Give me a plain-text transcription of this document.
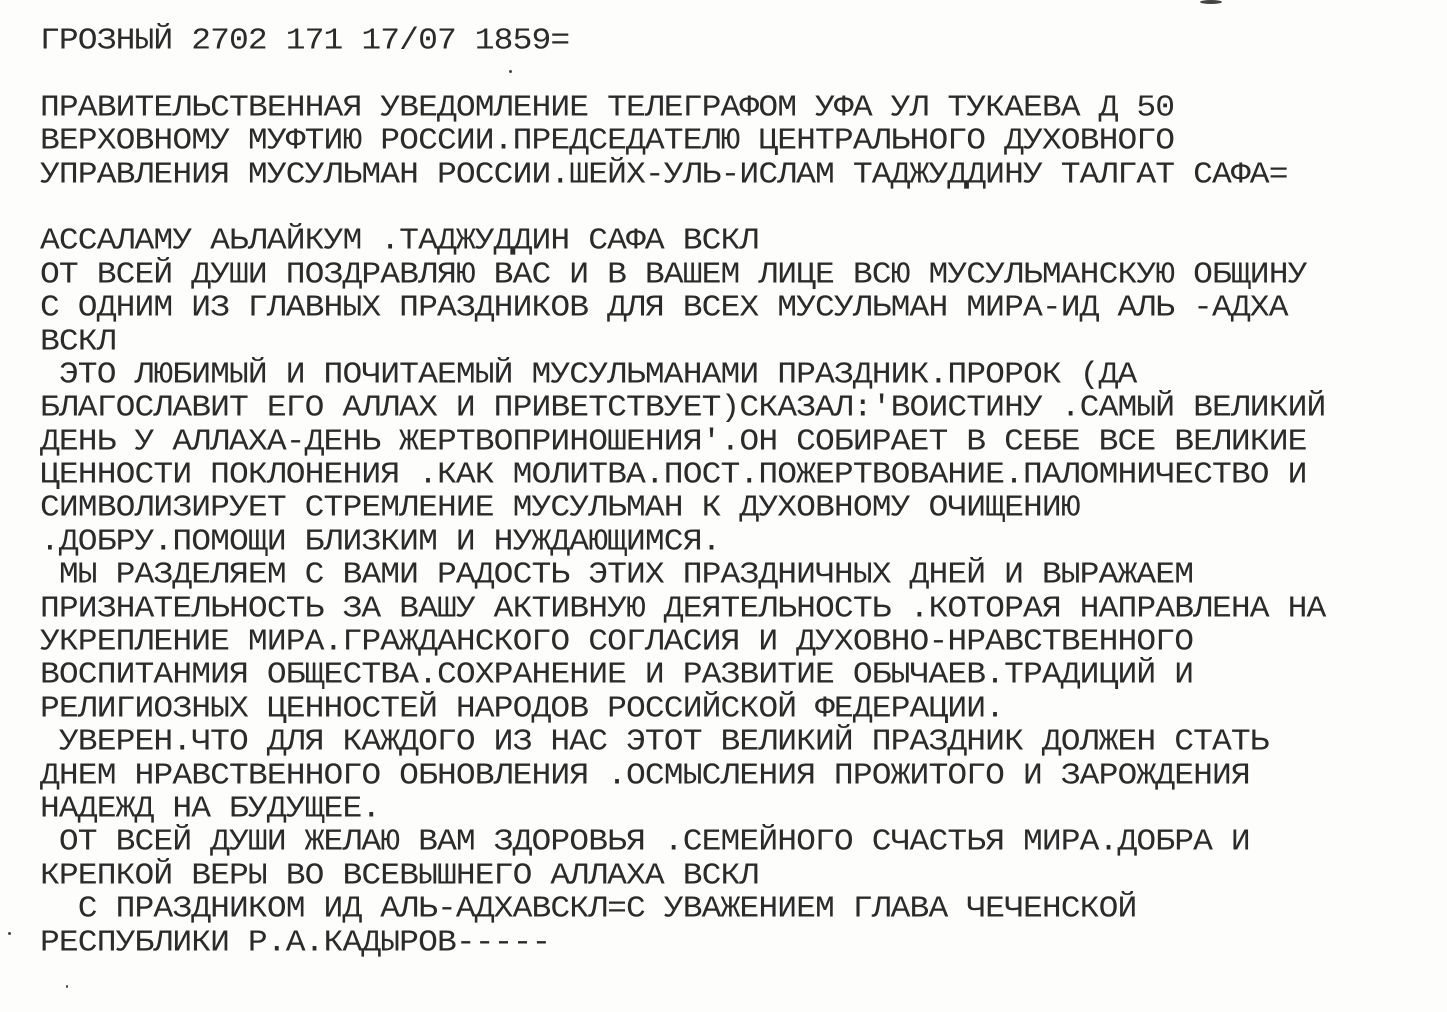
ГРОЗНЫЙ 2702 171 17/07 1859=
ПРАВИТЕЛЬСТВЕННАЯ УВЕДОМЛЕНИЕ ТЕЛЕГРАФОМ УФА УЛ ТУКАЕВА Д 50
ВЕРХОВНОМУ МУФТИЮ РОССИИ.ПРЕДСЕДАТЕЛЮ ЦЕНТРАЛЬНОГО ДУХОВНОГО
УПРАВЛЕНИЯ МУСУЛЬМАН РОССИИ.ШЕЙХ-УЛЬ-ИСЛАМ ТАДЖУДДИНУ ТАЛГАТ САФА=
АССАЛАМУ АЬЛАЙКУМ .ТАДЖУДДИН САФА ВСКЛ
ОТ ВСЕЙ ДУШИ ПОЗДРАВЛЯЮ ВАС И В ВАШЕМ ЛИЦЕ ВСЮ МУСУЛЬМАНСКУЮ ОБЩИНУ
С ОДНИМ ИЗ ГЛАВНЫХ ПРАЗДНИКОВ ДЛЯ ВСЕХ МУСУЛЬМАН МИРА-ИД АЛЬ -АДХА
ВСКЛ
ЭТО ЛЮБИМЫЙ И ПОЧИТАЕМЫЙ МУСУЛЬМАНАМИ ПРАЗДНИК.ПРОРОК (ДА
БЛАГОСЛАВИТ ЕГО АЛЛАХ И ПРИВЕТСТВУЕТ)СКАЗАЛ:'ВОИСТИНУ .САМЫЙ ВЕЛИКИЙ
ДЕНЬ У АЛЛАХА-ДЕНЬ ЖЕРТВОПРИНОШЕНИЯ'.ОН СОБИРАЕТ В СЕБЕ ВСЕ ВЕЛИКИЕ
ЦЕННОСТИ ПОКЛОНЕНИЯ .КАК МОЛИТВА.ПОСТ.ПОЖЕРТВОВАНИЕ.ПАЛОМНИЧЕСТВО И
СИМВОЛИЗИРУЕТ СТРЕМЛЕНИЕ МУСУЛЬМАН К ДУХОВНОМУ ОЧИЩЕНИЮ
.ДОБРУ.ПОМОЩИ БЛИЗКИМ И НУЖДАЮЩИМСЯ.
МЫ РАЗДЕЛЯЕМ С ВАМИ РАДОСТЬ ЭТИХ ПРАЗДНИЧНЫХ ДНЕЙ И ВЫРАЖАЕМ
ПРИЗНАТЕЛЬНОСТЬ ЗА ВАШУ АКТИВНУЮ ДЕЯТЕЛЬНОСТЬ .КОТОРАЯ НАПРАВЛЕНА НА
УКРЕПЛЕНИЕ МИРА.ГРАЖДАНСКОГО СОГЛАСИЯ И ДУХОВНО-НРАВСТВЕННОГО
ВОСПИТАНМИЯ ОБЩЕСТВА.СОХРАНЕНИЕ И РАЗВИТИЕ ОБЫЧАЕВ.ТРАДИЦИЙ И
РЕЛИГИОЗНЫХ ЦЕННОСТЕЙ НАРОДОВ РОССИЙСКОЙ ФЕДЕРАЦИИ.
УВЕРЕН.ЧТО ДЛЯ КАЖДОГО ИЗ НАС ЭТОТ ВЕЛИКИЙ ПРАЗДНИК ДОЛЖЕН СТАТЬ
ДНЕМ НРАВСТВЕННОГО ОБНОВЛЕНИЯ .ОСМЫСЛЕНИЯ ПРОЖИТОГО И ЗАРОЖДЕНИЯ
НАДЕЖД НА БУДУЩЕЕ.
ОТ ВСЕЙ ДУШИ ЖЕЛАЮ ВАМ ЗДОРОВЬЯ .СЕМЕЙНОГО СЧАСТЬЯ МИРА.ДОБРА И
КРЕПКОЙ ВЕРЫ ВО ВСЕВЫШНЕГО АЛЛАХА ВСКЛ
С ПРАЗДНИКОМ ИД АЛЬ-АДХАВСКЛ=С УВАЖЕНИЕМ ГЛАВА ЧЕЧЕНСКОЙ
РЕСПУБЛИКИ Р.А.КАДЫРОВ-----
